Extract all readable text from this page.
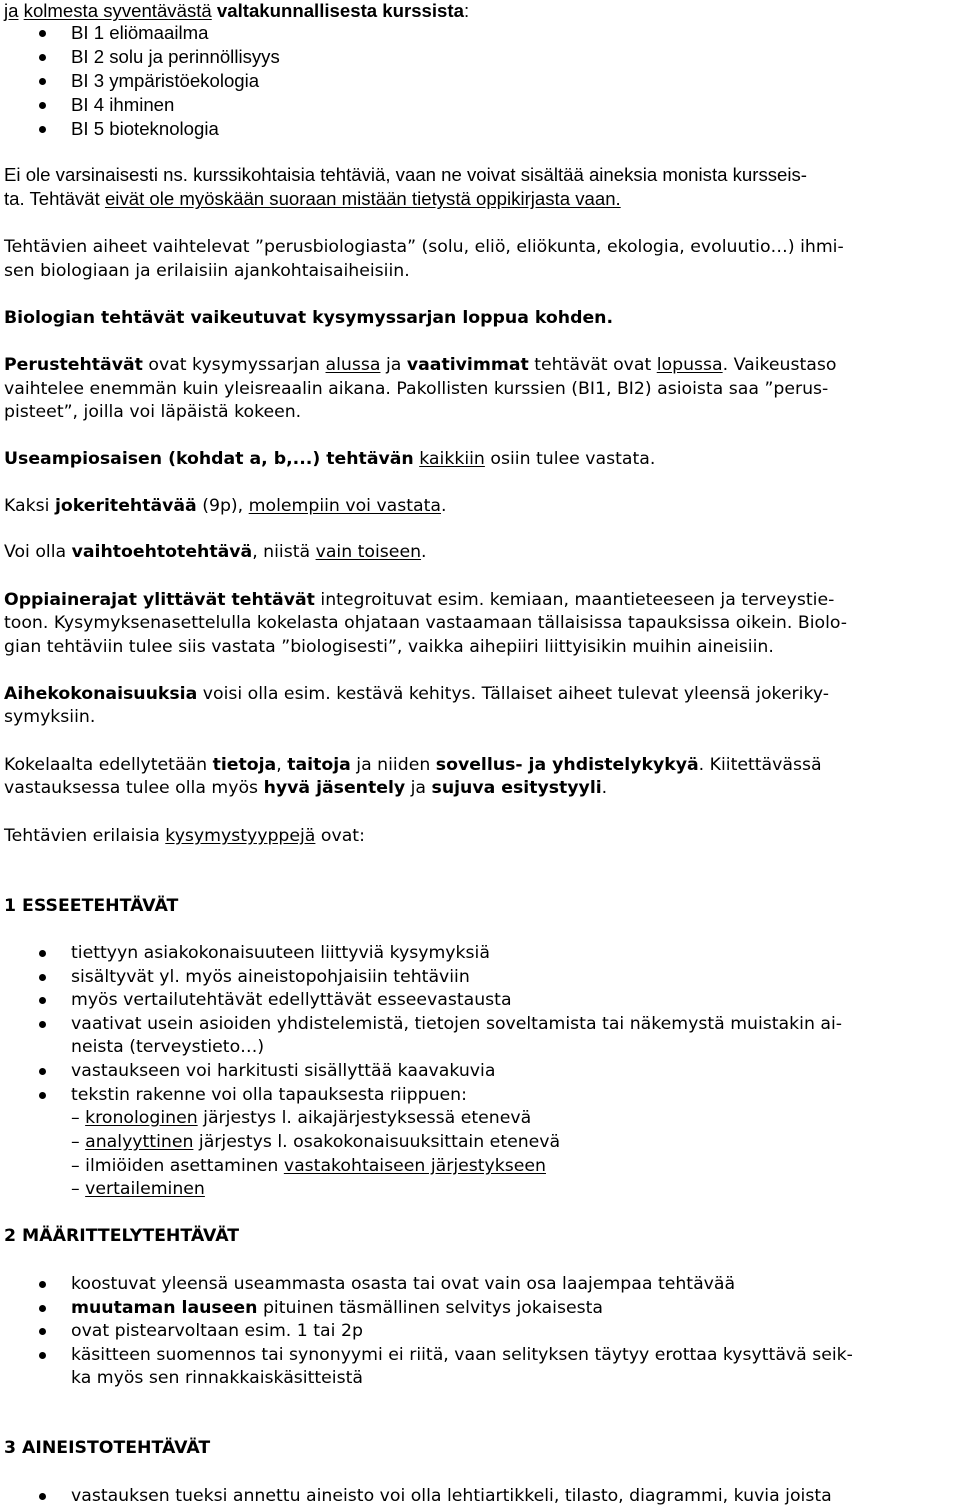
ja kolmesta syventävästä valtakunnallisesta kurssista:
BI 1 eliömaailma
BI 2 solu ja perinnöllisyys
BI 3 ympäristöekologia
BI 4 ihminen
BI 5 bioteknologia
Ei ole varsinaisesti ns. kurssikohtaisia tehtäviä, vaan ne voivat sisältää aineksia monista kursseis-
ta. Tehtävät eivät ole myöskään suoraan mistään tietystä oppikirjasta vaan.
Tehtävien aiheet vaihtelevat ”perusbiologiasta” (solu, eliö, eliökunta, ekologia, evoluutio…) ihmi-
sen biologiaan ja erilaisiin ajankohtaisaiheisiin.
Biologian tehtävät vaikeutuvat kysymyssarjan loppua kohden.
Perustehtävät ovat kysymyssarjan alussa ja vaativimmat tehtävät ovat lopussa. Vaikeustaso
vaihtelee enemmän kuin yleisreaalin aikana. Pakollisten kurssien (BI1, BI2) asioista saa ”perus-
pisteet”, joilla voi läpäistä kokeen.
Useampiosaisen (kohdat a, b,...) tehtävän kaikkiin osiin tulee vastata.
Kaksi jokeritehtävää (9p), molempiin voi vastata.
Voi olla vaihtoehtotehtävä, niistä vain toiseen.
Oppiainerajat ylittävät tehtävät integroituvat esim. kemiaan, maantieteeseen ja terveystie-
toon. Kysymyksenasettelulla kokelasta ohjataan vastaamaan tällaisissa tapauksissa oikein. Biolo-
gian tehtäviin tulee siis vastata ”biologisesti”, vaikka aihepiiri liittyisikin muihin aineisiin.
Aihekokonaisuuksia voisi olla esim. kestävä kehitys. Tällaiset aiheet tulevat yleensä jokeriky-
symyksiin.
Kokelaalta edellytetään tietoja, taitoja ja niiden sovellus- ja yhdistelykykyä. Kiitettävässä
vastauksessa tulee olla myös hyvä jäsentely ja sujuva esitystyyli.
Tehtävien erilaisia kysymystyyppejä ovat:
1 ESSEETEHTÄVÄT
tiettyyn asiakokonaisuuteen liittyviä kysymyksiä
sisältyvät yl. myös aineistopohjaisiin tehtäviin
myös vertailutehtävät edellyttävät esseevastausta
vaativat usein asioiden yhdistelemistä, tietojen soveltamista tai näkemystä muistakin ai-
neista (terveystieto…)
vastaukseen voi harkitusti sisällyttää kaavakuvia
tekstin rakenne voi olla tapauksesta riippuen:
– kronologinen järjestys l. aikajärjestyksessä etenevä
– analyyttinen järjestys l. osakokonaisuuksittain etenevä
– ilmiöiden asettaminen vastakohtaiseen järjestykseen
– vertaileminen
2 MÄÄRITTELYTEHTÄVÄT
koostuvat yleensä useammasta osasta tai ovat vain osa laajempaa tehtävää
muutaman lauseen pituinen täsmällinen selvitys jokaisesta
ovat pistearvoltaan esim. 1 tai 2p
käsitteen suomennos tai synonyymi ei riitä, vaan selityksen täytyy erottaa kysyttävä seik-
ka myös sen rinnakkaiskäsitteistä
3 AINEISTOTEHTÄVÄT
vastauksen tueksi annettu aineisto voi olla lehtiartikkeli, tilasto, diagrammi, kuvia joista
